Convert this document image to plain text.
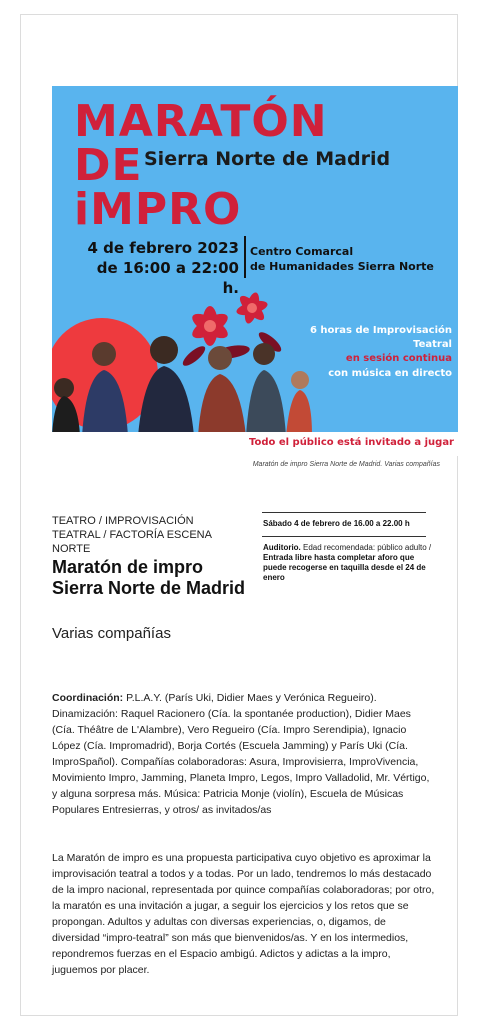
MARATÓN
DE
iMPRO
Sierra Norte de Madrid
4 de febrero 2023
de 16:00 a 22:00 h.
Centro Comarcal
de Humanidades Sierra Norte
6 horas de Improvisación Teatral
en sesión continua
con música en directo
Todo el público está invitado a jugar
Maratón de impro Sierra Norte de Madrid. Varias compañías
TEATRO / IMPROVISACIÓN TEATRAL / FACTORÍA ESCENA NORTE
Maratón de impro Sierra Norte de Madrid
Varias compañías
Sábado 4 de febrero de 16.00 a 22.00 h
Auditorio. Edad recomendada: público adulto / Entrada libre hasta completar aforo que puede recogerse en taquilla desde el 24 de enero
Coordinación: P.L.A.Y. (París Uki, Didier Maes y Verónica Regueiro). Dinamización: Raquel Racionero (Cía. la spontanée production), Didier Maes (Cía. Théâtre de L'Alambre), Vero Regueiro (Cía. Impro Serendipia), Ignacio López (Cía. Impromadrid), Borja Cortés (Escuela Jamming) y París Uki (Cía. ImproSpañol). Compañías colaboradoras: Asura, Improvisierra, ImproVivencia, Movimiento Impro, Jamming, Planeta Impro, Legos, Impro Valladolid, Mr. Vértigo, y alguna sorpresa más. Música: Patricia Monje (violín), Escuela de Músicas Populares Entresierras, y otros/ as invitados/as
La Maratón de impro es una propuesta participativa cuyo objetivo es aproximar la improvisación teatral a todos y a todas. Por un lado, tendremos lo más destacado de la impro nacional, representada por quince compañías colaboradoras; por otro, la maratón es una invitación a jugar, a seguir los ejercicios y los retos que se propongan. Adultos y adultas con diversas experiencias, o, digamos, de diversidad “impro-teatral” son más que bienvenidos/as. Y en los intermedios, repondremos fuerzas en el Espacio ambigú. Adictos y adictas a la impro, juguemos por placer.
